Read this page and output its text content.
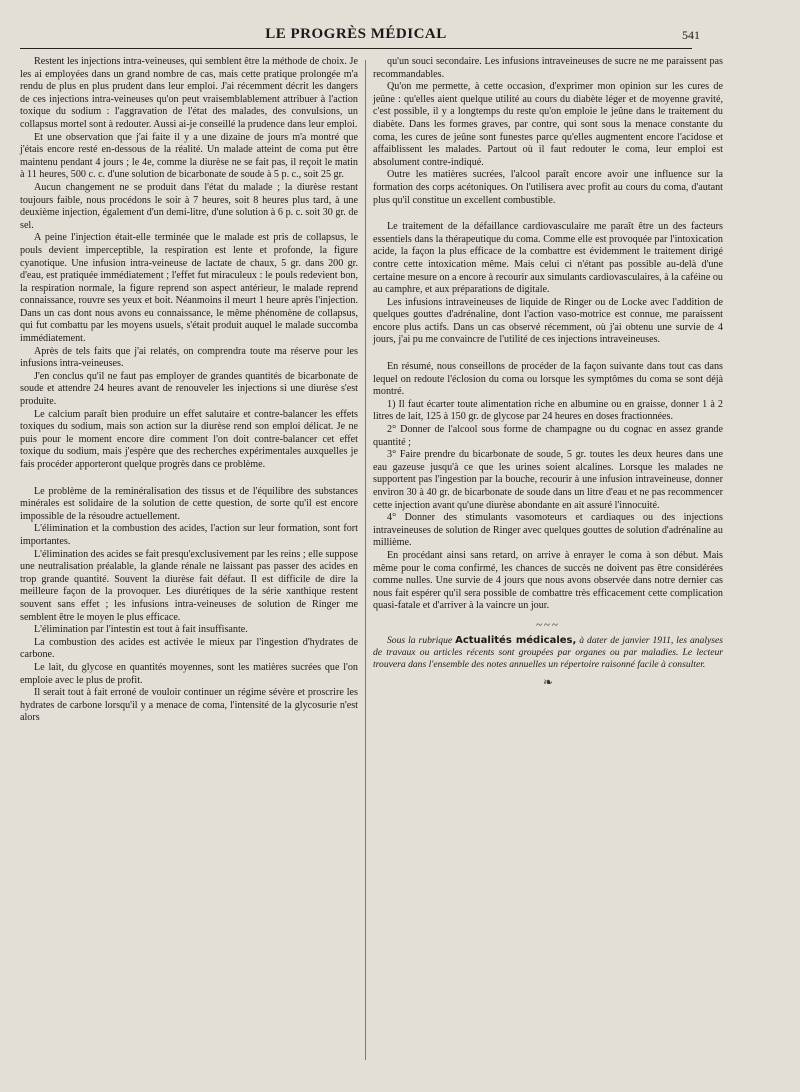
LE PROGRÈS MÉDICAL	541

Restent les injections intra-veineuses, qui semblent être la méthode de choix. Je les ai employées dans un grand nombre de cas, mais cette pratique prolongée m'a rendu de plus en plus prudent dans leur emploi. J'ai récemment décrit les dangers de ces injections intra-veineuses qu'on peut vraisemblablement attribuer à l'action toxique du sodium : l'aggravation de l'état des malades, des convulsions, un collapsus mortel sont à redouter. Aussi ai-je conseillé la prudence dans leur emploi.

Et une observation que j'ai faite il y a une dizaine de jours m'a montré que j'étais encore resté en-dessous de la réalité. Un malade atteint de coma put être maintenu pendant 4 jours ; le 4e, comme la diurèse ne se fait pas, il reçoit le matin à 11 heures, 500 c. c. d'une solution de bicarbonate de soude à 5 p. c., soit 25 gr.

Aucun changement ne se produit dans l'état du malade ; la diurèse restant toujours faible, nous procédons le soir à 7 heures, soit 8 heures plus tard, à une deuxième injection, également d'un demi-litre, d'une solution à 6 p. c. soit 30 gr. de sel.

A peine l'injection était-elle terminée que le malade est pris de collapsus, le pouls devient imperceptible, la respiration est lente et profonde, la figure cyanotique. Une infusion intra-veineuse de lactate de chaux, 5 gr. dans 200 gr. d'eau, est pratiquée immédiatement ; l'effet fut miraculeux : le pouls redevient bon, la respiration normale, la figure reprend son aspect antérieur, le malade reprend connaissance, rouvre ses yeux et boit. Néanmoins il meurt 1 heure après l'injection. Dans un cas dont nous avons eu connaissance, le même phénomène de collapsus, qui fut combattu par les moyens usuels, s'était produit auquel le malade succomba immédiatement.

Après de tels faits que j'ai relatés, on comprendra toute ma réserve pour les infusions intra-veineuses.

J'en conclus qu'il ne faut pas employer de grandes quantités de bicarbonate de soude et attendre 24 heures avant de renouveler les injections si une diurèse s'est produite.

Le calcium paraît bien produire un effet salutaire et contre-balancer les effets toxiques du sodium, mais son action sur la diurèse rend son emploi délicat. Je ne puis pour le moment encore dire comment l'on doit contre-balancer cet effet toxique du sodium, mais j'espère que des recherches expérimentales auxquelles je fais procéder apporteront quelque progrès dans ce problème.

Le problème de la reminéralisation des tissus et de l'équilibre des substances minérales est solidaire de la solution de cette question, de sorte qu'il est encore impossible de la résoudre actuellement.

L'élimination et la combustion des acides, l'action sur leur formation, sont fort importantes.

L'élimination des acides se fait presqu'exclusivement par les reins ; elle suppose une neutralisation préalable, la glande rénale ne laissant pas passer des acides en trop grande quantité. Souvent la diurèse fait défaut. Il est difficile de dire la meilleure façon de la provoquer. Les diurétiques de la série xanthique restent souvent sans effet ; les infusions intra-veineuses de solution de Ringer me semblent être le moyen le plus efficace.

L'élimination par l'intestin est tout à fait insuffisante.

La combustion des acides est activée le mieux par l'ingestion d'hydrates de carbone.

Le lait, du glycose en quantités moyennes, sont les matières sucrées que l'on emploie avec le plus de profit.

Il serait tout à fait erroné de vouloir continuer un régime sévère et proscrire les hydrates de carbone lorsqu'il y a menace de coma, l'intensité de la glycosurie n'est alors

qu'un souci secondaire. Les infusions intraveineuses de sucre ne me paraissent pas recommandables.

Qu'on me permette, à cette occasion, d'exprimer mon opinion sur les cures de jeûne : qu'elles aient quelque utilité au cours du diabète léger et de moyenne gravité, c'est possible, il y a longtemps du reste qu'on emploie le jeûne dans le traitement du diabète. Dans les formes graves, par contre, qui sont sous la menace constante du coma, les cures de jeûne sont funestes parce qu'elles augmentent encore l'acidose et affaiblissent les malades. Partout où il faut redouter le coma, leur emploi est absolument contre-indiqué.

Outre les matières sucrées, l'alcool paraît encore avoir une influence sur la formation des corps acétoniques. On l'utilisera avec profit au cours du coma, d'autant plus qu'il constitue un excellent combustible.

Le traitement de la défaillance cardiovasculaire me paraît être un des facteurs essentiels dans la thérapeutique du coma. Comme elle est provoquée par l'intoxication acide, la façon la plus efficace de la combattre est évidemment le traitement dirigé contre cette intoxication même. Mais celui ci n'étant pas possible au-delà d'une certaine mesure on a encore à recourir aux simulants cardiovasculaires, à la caféine ou au camphre, et aux préparations de digitale.

Les infusions intraveineuses de liquide de Ringer ou de Locke avec l'addition de quelques gouttes d'adrénaline, dont l'action vaso-motrice est connue, me paraissent encore plus actifs. Dans un cas observé récemment, où j'ai obtenu une survie de 4 jours, j'ai pu me convaincre de l'utilité de ces injections intraveineuses.

En résumé, nous conseillons de procéder de la façon suivante dans tout cas dans lequel on redoute l'éclosion du coma ou lorsque les symptômes du coma se sont déjà montré.

1) Il faut écarter toute alimentation riche en albumine ou en graisse, donner 1 à 2 litres de lait, 125 à 150 gr. de glycose par 24 heures en doses fractionnées.

2° Donner de l'alcool sous forme de champagne ou du cognac en assez grande quantité ;

3° Faire prendre du bicarbonate de soude, 5 gr. toutes les deux heures dans une eau gazeuse jusqu'à ce que les urines soient alcalines. Lorsque les malades ne supportent pas l'ingestion par la bouche, recourir à une infusion intraveineuse, donner environ 30 à 40 gr. de bicarbonate de soude dans un litre d'eau et ne pas recommencer cette injection avant qu'une diurèse abondante en ait assuré l'innocuité.

4° Donner des stimulants vasomoteurs et cardiaques ou des injections intraveineuses de solution de Ringer avec quelques gouttes de solution d'adrénaline au millième.

En procédant ainsi sans retard, on arrive à enrayer le coma à son début. Mais même pour le coma confirmé, les chances de succès ne doivent pas être considérées comme nulles. Une survie de 4 jours que nous avons observée dans notre dernier cas nous fait espérer qu'il sera possible de combattre très efficacement cette complication quasi-fatale et d'arriver à la vaincre un jour.

~~~
Sous la rubrique Actualités médicales, à dater de janvier 1911, les analyses de travaux ou articles récents sont groupées par organes ou par maladies. Le lecteur trouvera dans l'ensemble des notes annuelles un répertoire raisonné facile à consulter.
❧
